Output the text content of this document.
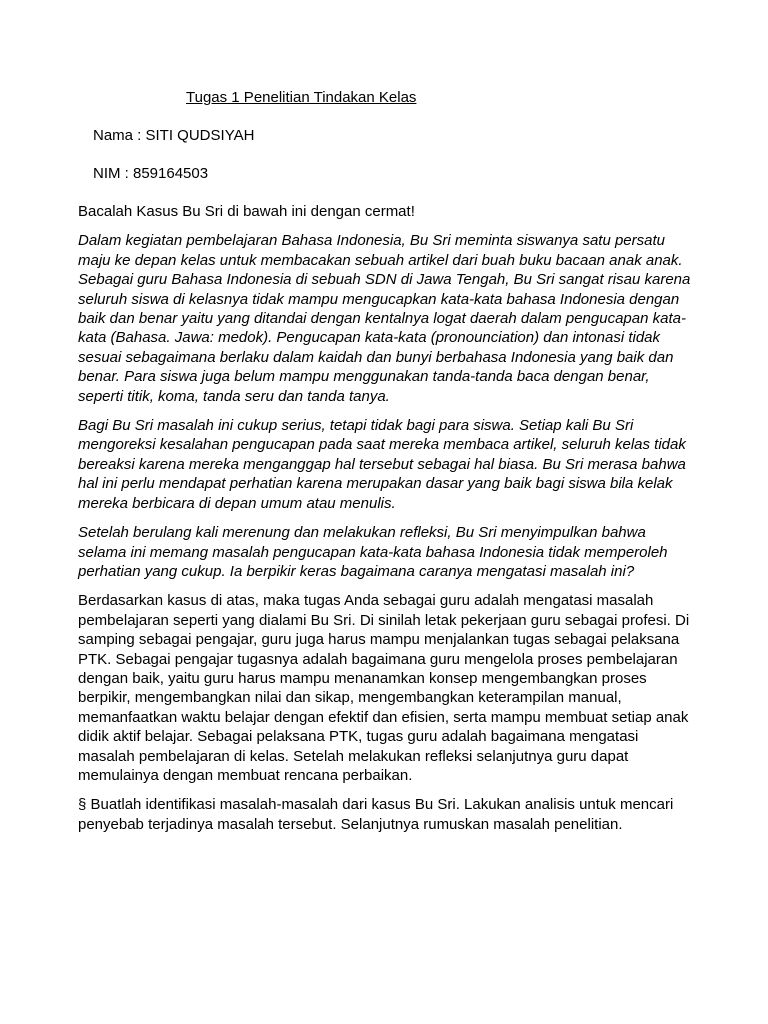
Tugas 1 Penelitian Tindakan Kelas

Nama : SITI QUDSIYAH

NIM : 859164503

Bacalah Kasus Bu Sri di bawah ini dengan cermat!

Dalam kegiatan pembelajaran Bahasa Indonesia, Bu Sri meminta siswanya satu persatu maju ke depan kelas untuk membacakan sebuah artikel dari buah buku bacaan anak anak. Sebagai guru Bahasa Indonesia di sebuah SDN di Jawa Tengah, Bu Sri sangat risau karena seluruh siswa di kelasnya tidak mampu mengucapkan kata-kata bahasa Indonesia dengan baik dan benar yaitu yang ditandai dengan kentalnya logat daerah dalam pengucapan kata-kata (Bahasa. Jawa: medok). Pengucapan kata-kata (pronounciation) dan intonasi tidak sesuai sebagaimana berlaku dalam kaidah dan bunyi berbahasa Indonesia yang baik dan benar. Para siswa juga belum mampu menggunakan tanda-tanda baca dengan benar, seperti titik, koma, tanda seru dan tanda tanya.

Bagi Bu Sri masalah ini cukup serius, tetapi tidak bagi para siswa. Setiap kali Bu Sri mengoreksi kesalahan pengucapan pada saat mereka membaca artikel, seluruh kelas tidak bereaksi karena mereka menganggap hal tersebut sebagai hal biasa. Bu Sri merasa bahwa hal ini perlu mendapat perhatian karena merupakan dasar yang baik bagi siswa bila kelak mereka berbicara di depan umum atau menulis.

Setelah berulang kali merenung dan melakukan refleksi, Bu Sri menyimpulkan bahwa selama ini memang masalah pengucapan kata-kata bahasa Indonesia tidak memperoleh perhatian yang cukup. Ia berpikir keras bagaimana caranya mengatasi masalah ini?

Berdasarkan kasus di atas, maka tugas Anda sebagai guru adalah mengatasi masalah pembelajaran seperti yang dialami Bu Sri. Di sinilah letak pekerjaan guru sebagai profesi. Di samping sebagai pengajar, guru juga harus mampu menjalankan tugas sebagai pelaksana PTK. Sebagai pengajar tugasnya adalah bagaimana guru mengelola proses pembelajaran dengan baik, yaitu guru harus mampu menanamkan konsep mengembangkan proses berpikir, mengembangkan nilai dan sikap, mengembangkan keterampilan manual, memanfaatkan waktu belajar dengan efektif dan efisien, serta mampu membuat setiap anak didik aktif belajar. Sebagai pelaksana PTK, tugas guru adalah bagaimana mengatasi masalah pembelajaran di kelas. Setelah melakukan refleksi selanjutnya guru dapat memulainya dengan membuat rencana perbaikan.

§ Buatlah identifikasi masalah-masalah dari kasus Bu Sri. Lakukan analisis untuk mencari penyebab terjadinya masalah tersebut. Selanjutnya rumuskan masalah penelitian.
